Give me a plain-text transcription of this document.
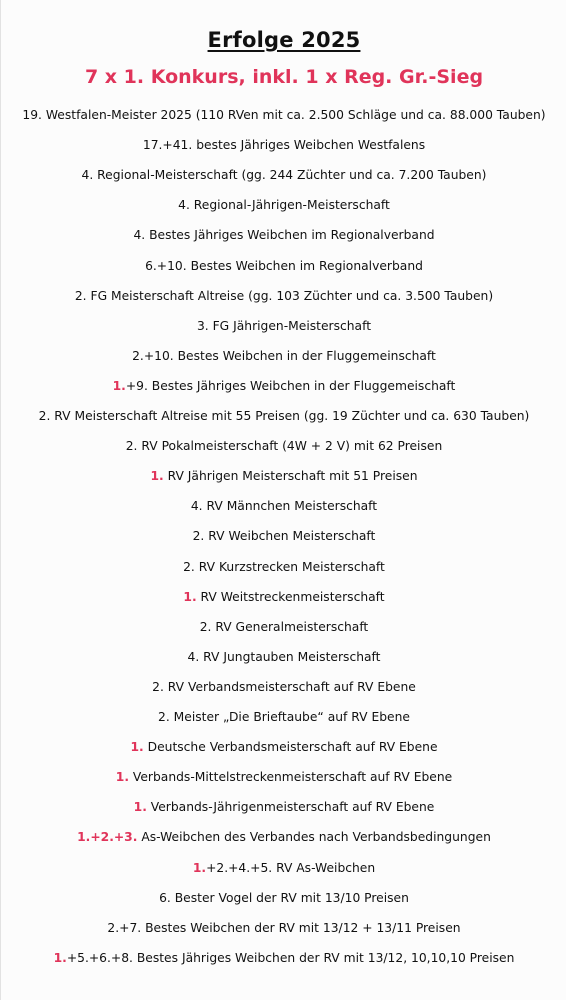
Erfolge 2025
7 x 1. Konkurs, inkl. 1 x Reg. Gr.-Sieg
19. Westfalen-Meister 2025 (110 RVen mit ca. 2.500 Schläge und ca. 88.000 Tauben)
17.+41. bestes Jähriges Weibchen Westfalens
4. Regional-Meisterschaft (gg. 244 Züchter und ca. 7.200 Tauben)
4. Regional-Jährigen-Meisterschaft
4. Bestes Jähriges Weibchen im Regionalverband
6.+10. Bestes Weibchen im Regionalverband
2. FG Meisterschaft Altreise (gg. 103 Züchter und ca. 3.500 Tauben)
3. FG Jährigen-Meisterschaft
2.+10. Bestes Weibchen in der Fluggemeinschaft
1.+9. Bestes Jähriges Weibchen in der Fluggemeischaft
2. RV Meisterschaft Altreise mit 55 Preisen (gg. 19 Züchter und ca. 630 Tauben)
2. RV Pokalmeisterschaft (4W + 2 V) mit 62 Preisen
1. RV Jährigen Meisterschaft mit 51 Preisen
4. RV Männchen Meisterschaft
2. RV Weibchen Meisterschaft
2. RV Kurzstrecken Meisterschaft
1. RV Weitstreckenmeisterschaft
2. RV Generalmeisterschaft
4. RV Jungtauben Meisterschaft
2. RV Verbandsmeisterschaft auf RV Ebene
2. Meister „Die Brieftaube“ auf RV Ebene
1. Deutsche Verbandsmeisterschaft auf RV Ebene
1. Verbands-Mittelstreckenmeisterschaft auf RV Ebene
1. Verbands-Jährigenmeisterschaft auf RV Ebene
1.+2.+3. As-Weibchen des Verbandes nach Verbandsbedingungen
1.+2.+4.+5. RV As-Weibchen
6. Bester Vogel der RV mit 13/10 Preisen
2.+7. Bestes Weibchen der RV mit 13/12 + 13/11 Preisen
1.+5.+6.+8. Bestes Jähriges Weibchen der RV mit 13/12, 10,10,10 Preisen
